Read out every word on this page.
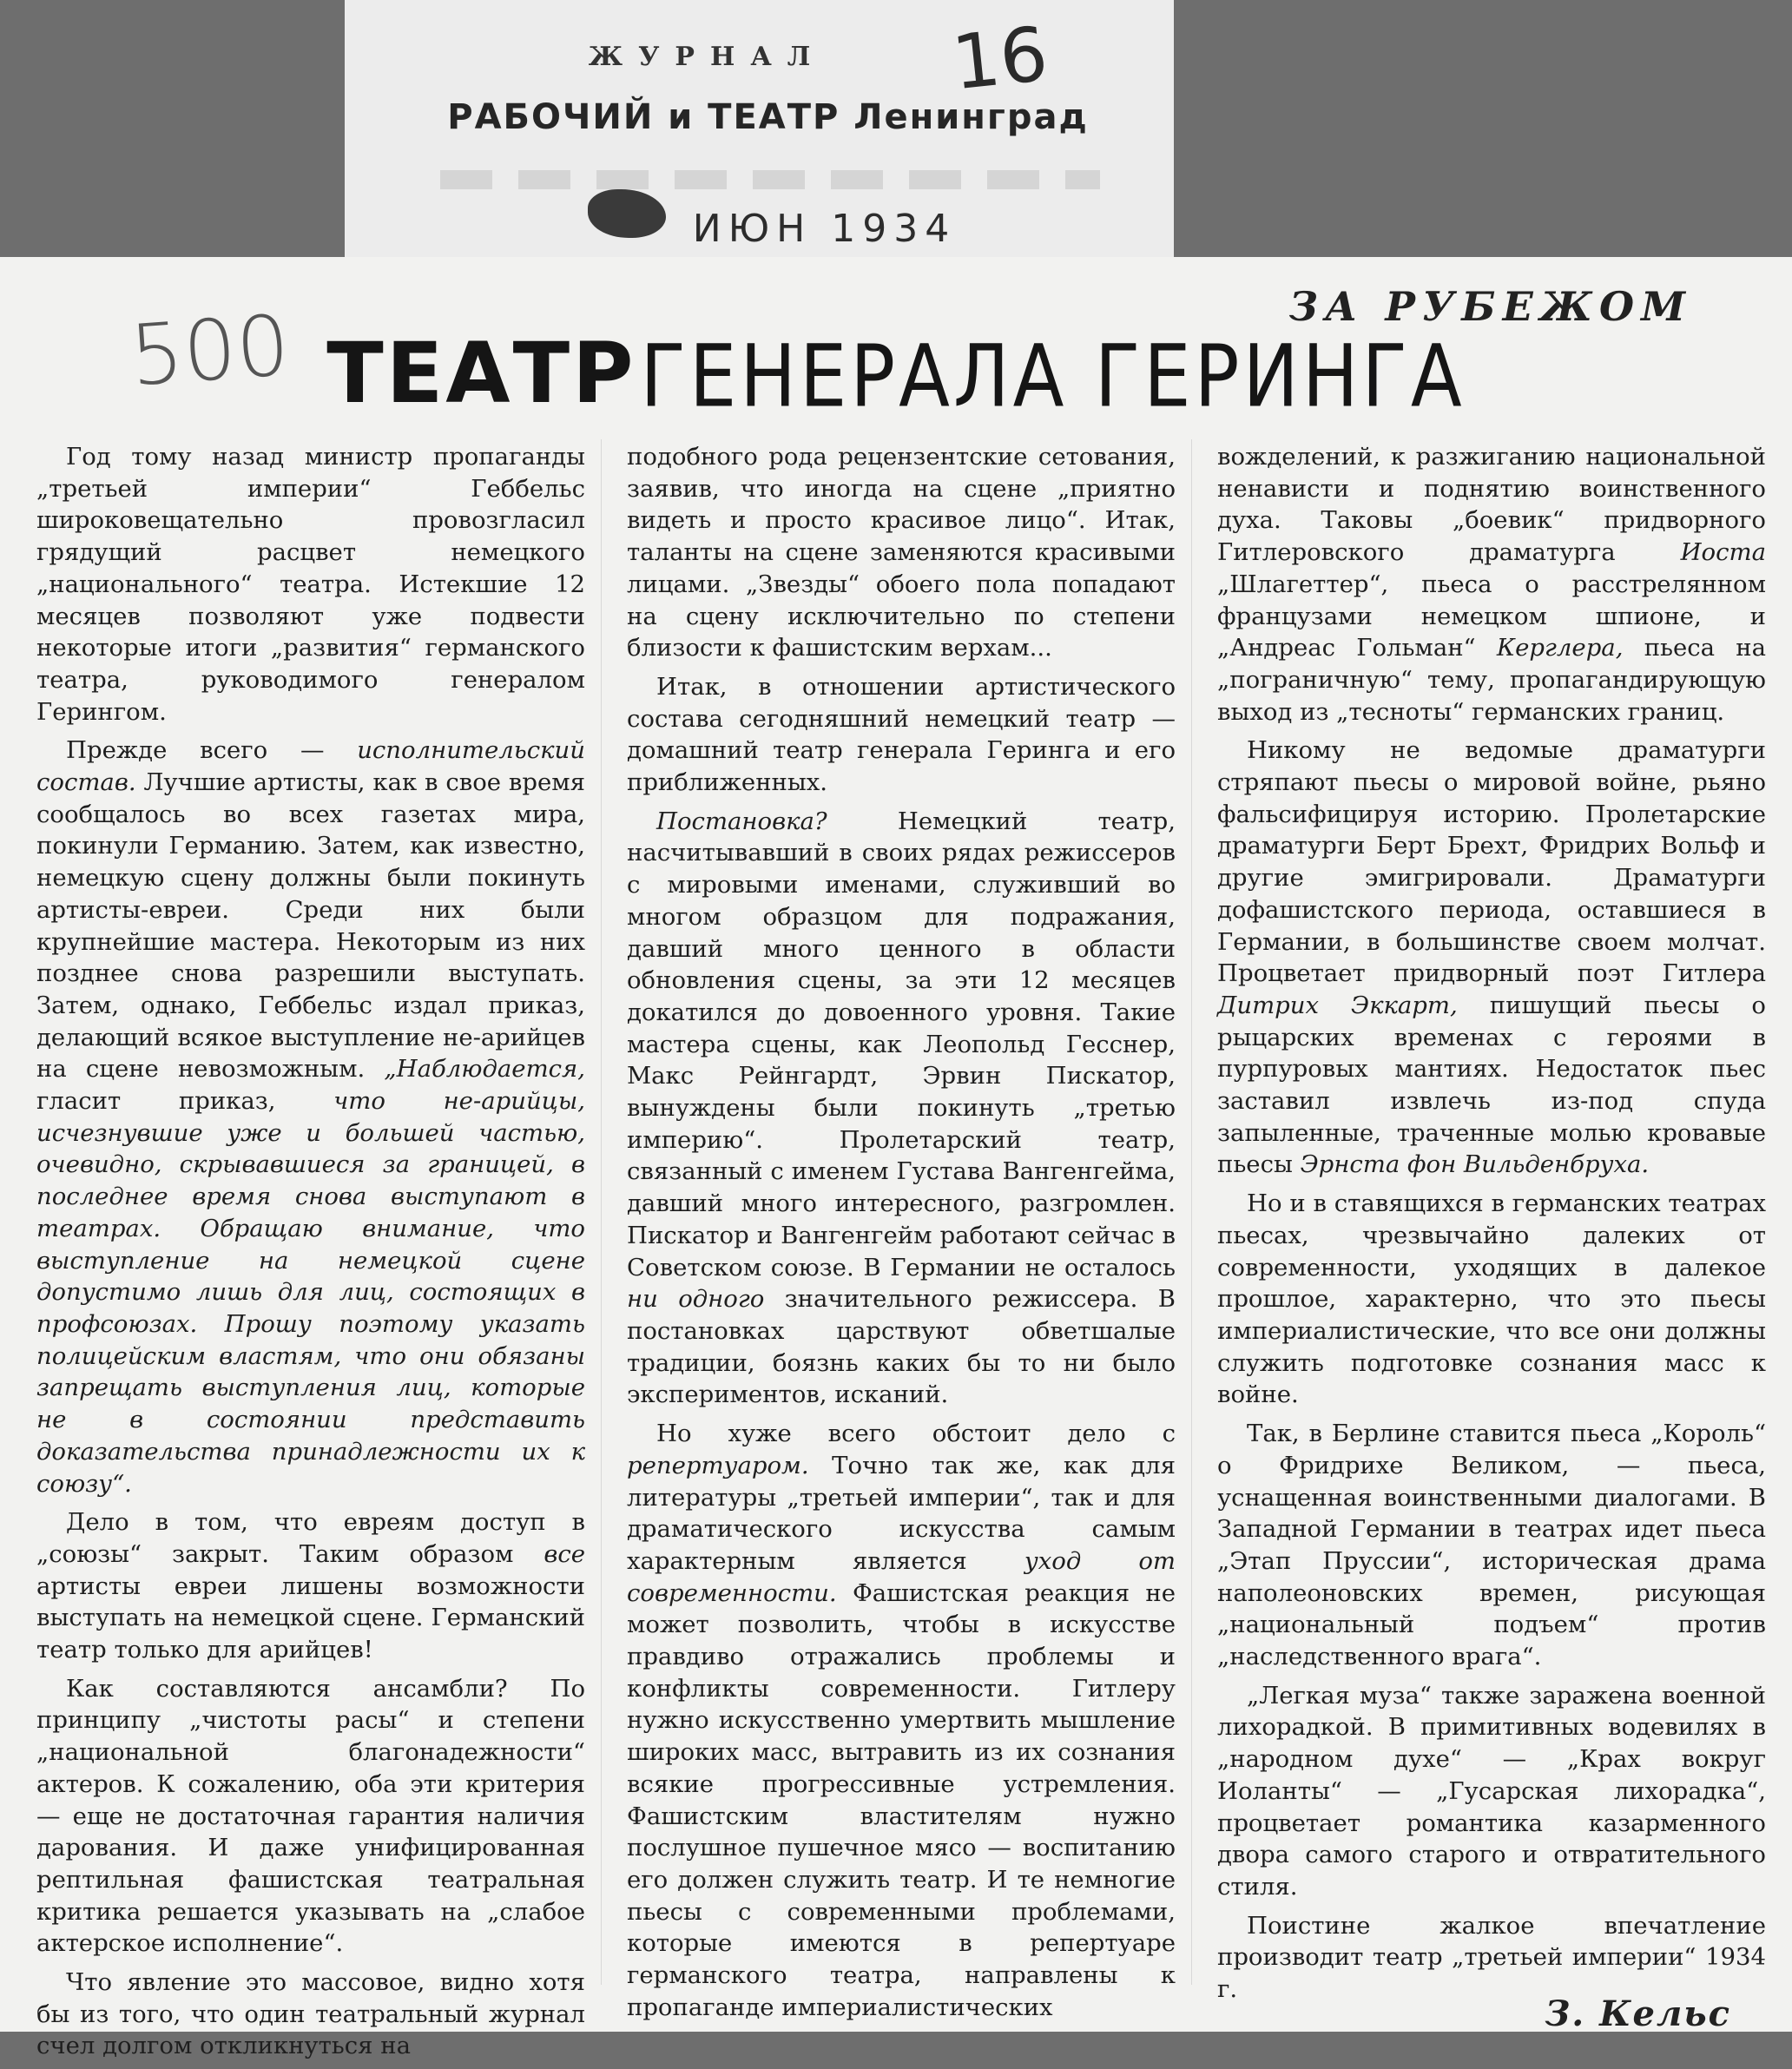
ЖУРНАЛ	16
РАБОЧИЙ и ТЕАТР Ленинград
ИЮН 1934
500	ЗА РУБЕЖОМ
ТЕАТР ГЕНЕРАЛА ГЕРИНГА

Год тому назад министр пропаганды „третьей империи“ Геббельс широковещательно провозгласил грядущий расцвет немецкого „национального“ театра. Истекшие 12 месяцев позволяют уже подвести некоторые итоги „развития“ германского театра, руководимого генералом Герингом.

Прежде всего — исполнительский состав. Лучшие артисты, как в свое время сообщалось во всех газетах мира, покинули Германию. Затем, как известно, немецкую сцену должны были покинуть артисты-евреи. Среди них были крупнейшие мастера. Некоторым из них позднее снова разрешили выступать. Затем, однако, Геббельс издал приказ, делающий всякое выступление не-арийцев на сцене невозможным. „Наблюдается, гласит приказ, что не-арийцы, исчезнувшие уже и большей частью, очевидно, скрывавшиеся за границей, в последнее время снова выступают в театрах. Обращаю внимание, что выступление на немецкой сцене допустимо лишь для лиц, состоящих в профсоюзах. Прошу поэтому указать полицейским властям, что они обязаны запрещать выступления лиц, которые не в состоянии представить доказательства принадлежности их к союзу“.

Дело в том, что евреям доступ в „союзы“ закрыт. Таким образом все артисты евреи лишены возможности выступать на немецкой сцене. Германский театр только для арийцев!

Как составляются ансамбли? По принципу „чистоты расы“ и степени „национальной благонадежности“ актеров. К сожалению, оба эти критерия — еще не достаточная гарантия наличия дарования. И даже унифицированная рептильная фашистская театральная критика решается указывать на „слабое актерское исполнение“.

Что явление это массовое, видно хотя бы из того, что один театральный журнал счел долгом откликнуться на

подобного рода рецензентские сетования, заявив, что иногда на сцене „приятно видеть и просто красивое лицо“. Итак, таланты на сцене заменяются красивыми лицами. „Звезды“ обоего пола попадают на сцену исключительно по степени близости к фашистским верхам...

Итак, в отношении артистического состава сегодняшний немецкий театр — домашний театр генерала Геринга и его приближенных.

Постановка?	Немецкий театр, насчитывавший в своих рядах режиссеров с мировыми именами, служивший во многом образцом для подражания, давший много ценного в области обновления сцены, за эти 12 месяцев докатился до довоенного уровня. Такие мастера сцены, как Леопольд Гесснер, Макс Рейнгардт, Эрвин Пискатор, вынуждены были покинуть „третью империю“. Пролетарский театр, связанный с именем Густава Вангенгейма, давший много интересного, разгромлен. Пискатор и Вангенгейм работают сейчас в Советском союзе. В Германии не осталось ни одного значительного режиссера. В постановках царствуют обветшалые традиции, боязнь каких бы то ни было экспериментов, исканий.

Но хуже всего обстоит дело с репертуаром. Точно так же, как для литературы „третьей империи“, так и для драматического искусства самым характерным является уход от современности. Фашистская реакция не может позволить, чтобы в искусстве правдиво отражались проблемы и конфликты современности. Гитлеру нужно искусственно умертвить мышление широких масс, вытравить из их сознания всякие прогрессивные устремления. Фашистским властителям нужно послушное пушечное мясо — воспитанию его должен служить театр. И те немногие пьесы с современными проблемами, которые имеются в репертуаре германского театра, направлены к пропаганде империалистических

вожделений, к разжиганию национальной ненависти и поднятию воинственного духа. Таковы „боевик“ придворного Гитлеровского драматурга	Иоста „Шлагеттер“, пьеса о расстрелянном французами немецком шпионе, и „Андреас Гольман“ Керглера, пьеса на „пограничную“ тему, пропагандирующую выход из „тесноты“ германских границ.

Никому не ведомые драматурги стряпают пьесы о мировой войне, рьяно фальсифицируя историю. Пролетарские драматурги Берт Брехт, Фридрих Вольф и другие эмигрировали. Драматурги дофашистского периода, оставшиеся в Германии, в большинстве своем молчат. Процветает придворный поэт Гитлера Дитрих Эккарт, пишущий пьесы о рыцарских временах с героями в пурпуровых мантиях. Недостаток пьес заставил извлечь из-под спуда запыленные, траченные молью кровавые пьесы Эрнста фон Вильденбруха.

Но и в ставящихся в германских театрах пьесах, чрезвычайно далеких от современности, уходящих в далекое прошлое, характерно, что это пьесы империалистические, что все они должны служить подготовке сознания масс к войне.

Так, в Берлине ставится пьеса „Король“ о Фридрихе Великом, — пьеса, уснащенная воинственными диалогами. В Западной Германии в театрах идет пьеса „Этап Пруссии“, историческая драма наполеоновских времен, рисующая „национальный подъем“ против „наследственного врага“.

„Легкая муза“ также заражена военной лихорадкой. В примитивных водевилях в „народном духе“ — „Крах вокруг Иоланты“ — „Гусарская лихорадка“, процветает романтика казарменного двора самого старого и отвратительного стиля.

Поистине жалкое впечатление производит театр „третьей империи“ 1934 г.

З. Кельс
